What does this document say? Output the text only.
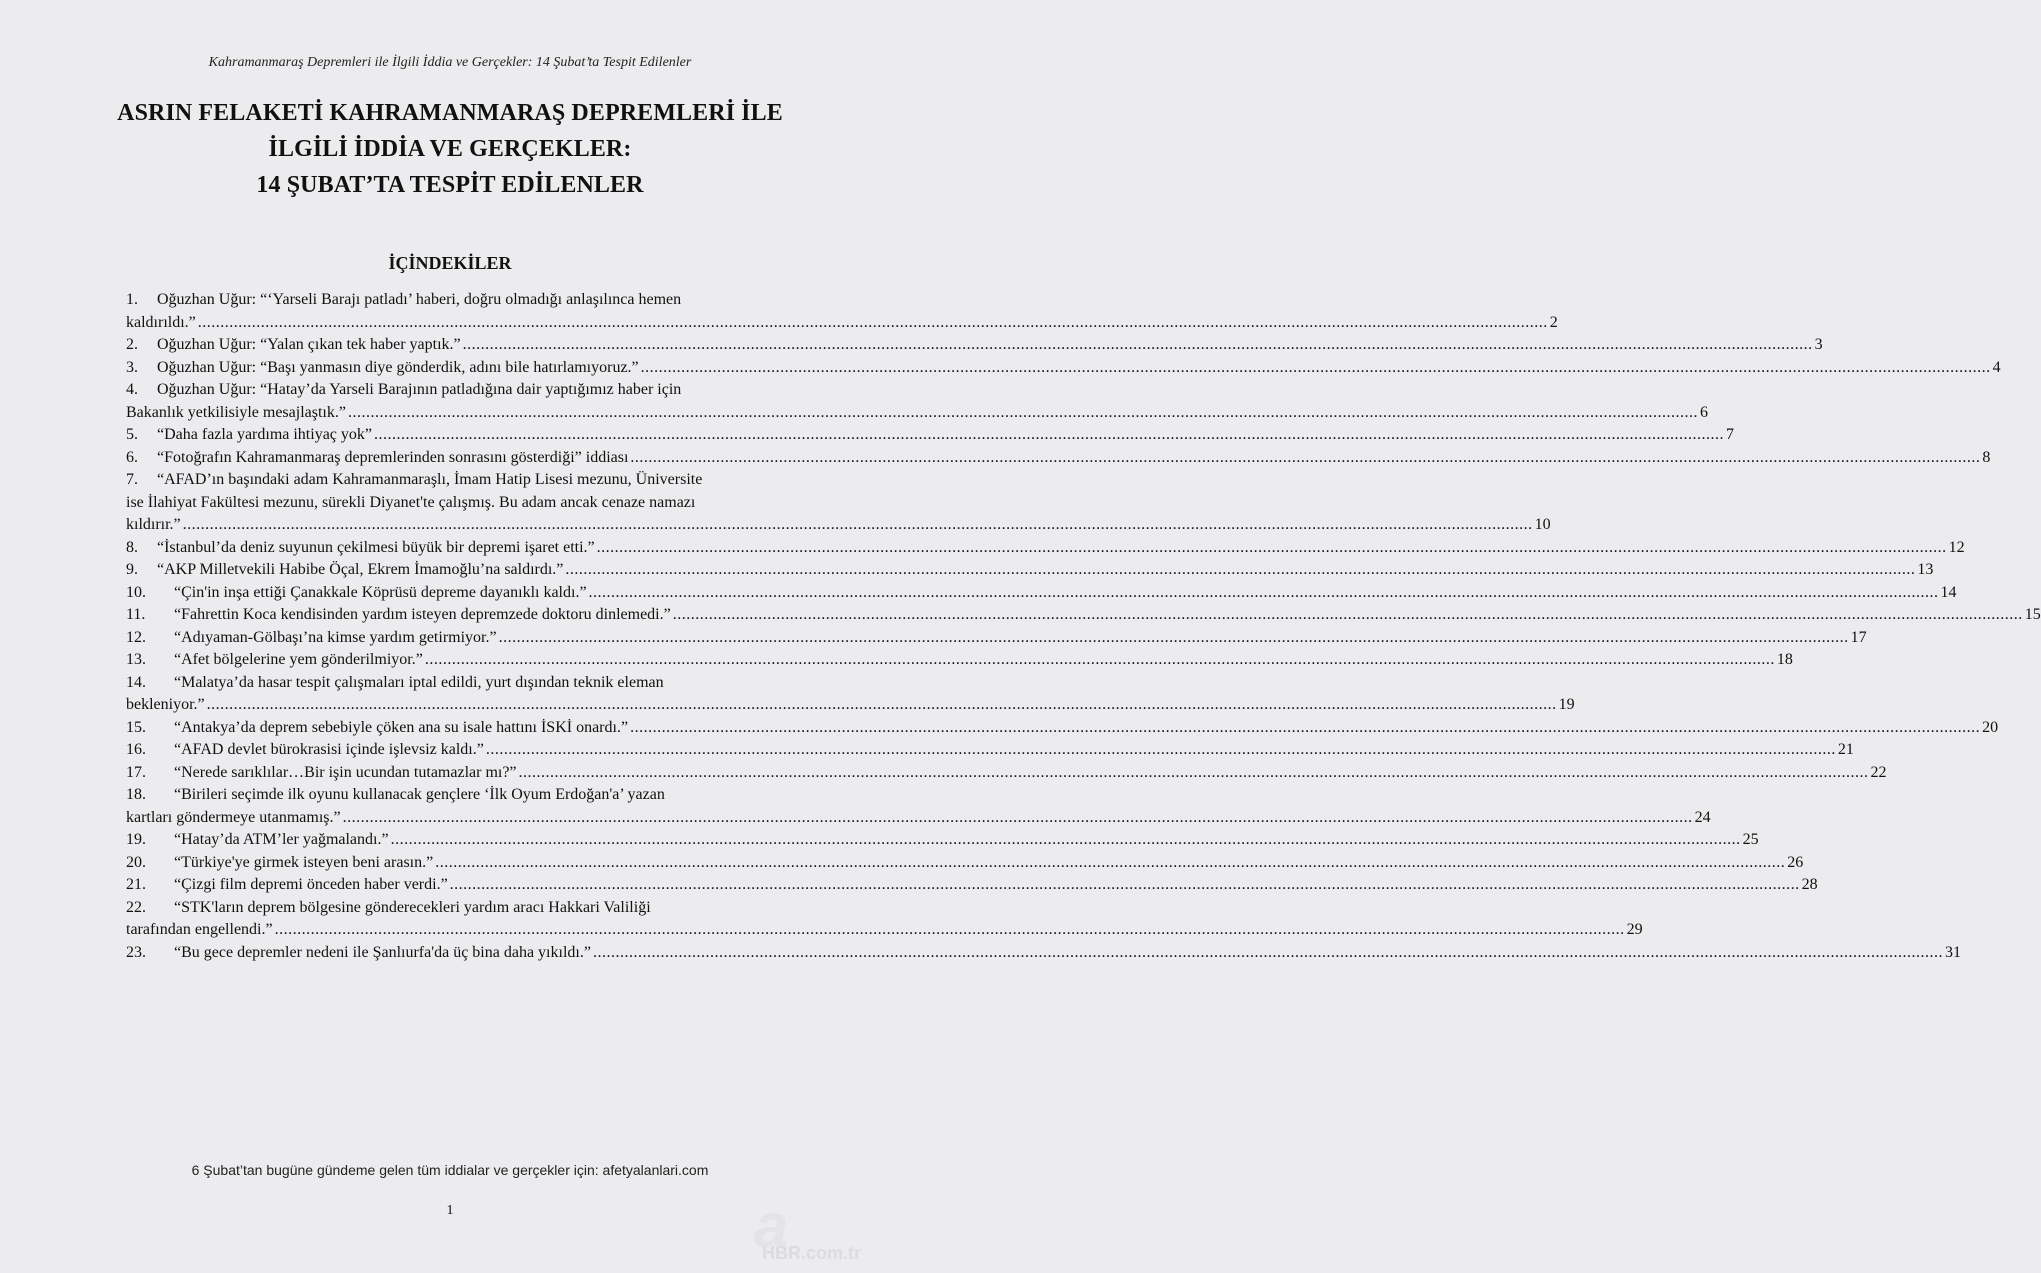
Kahramanmaraş Depremleri ile İlgili İddia ve Gerçekler: 14 Şubat’ta Tespit Edilenler
ASRIN FELAKETİ KAHRAMANMARAŞ DEPREMLERİ İLE
İLGİLİ İDDİA VE GERÇEKLER:
14 ŞUBAT’TA TESPİT EDİLENLER
İÇİNDEKİLER
1. Oğuzhan Uğur: “‘Yarseli Barajı patladı’ haberi, doğru olmadığı anlaşılınca hemen
kaldırıldı.” ............................................................................................................................................................................................................................................................................................................ 2
2. Oğuzhan Uğur: “Yalan çıkan tek haber yaptık.” ............................................................................................................................................................................................................................................................................................................ 3
3. Oğuzhan Uğur: “Başı yanmasın diye gönderdik, adını bile hatırlamıyoruz.” ............................................................................................................................................................................................................................................................................................................ 4
4. Oğuzhan Uğur: “Hatay’da Yarseli Barajının patladığına dair yaptığımız haber için
Bakanlık yetkilisiyle mesajlaştık.” ............................................................................................................................................................................................................................................................................................................ 6
5. “Daha fazla yardıma ihtiyaç yok” ............................................................................................................................................................................................................................................................................................................ 7
6. “Fotoğrafın Kahramanmaraş depremlerinden sonrasını gösterdiği” iddiası ............................................................................................................................................................................................................................................................................................................ 8
7. “AFAD’ın başındaki adam Kahramanmaraşlı, İmam Hatip Lisesi mezunu, Üniversite
ise İlahiyat Fakültesi mezunu, sürekli Diyanet'te çalışmış. Bu adam ancak cenaze namazı
kıldırır.” ............................................................................................................................................................................................................................................................................................................ 10
8. “İstanbul’da deniz suyunun çekilmesi büyük bir depremi işaret etti.” ............................................................................................................................................................................................................................................................................................................ 12
9. “AKP Milletvekili Habibe Öçal, Ekrem İmamoğlu’na saldırdı.” ............................................................................................................................................................................................................................................................................................................ 13
10. “Çin'in inşa ettiği Çanakkale Köprüsü depreme dayanıklı kaldı.” ............................................................................................................................................................................................................................................................................................................ 14
11. “Fahrettin Koca kendisinden yardım isteyen depremzede doktoru dinlemedi.” ............................................................................................................................................................................................................................................................................................................ 15
12. “Adıyaman-Gölbaşı’na kimse yardım getirmiyor.” ............................................................................................................................................................................................................................................................................................................ 17
13. “Afet bölgelerine yem gönderilmiyor.” ............................................................................................................................................................................................................................................................................................................ 18
14. “Malatya’da hasar tespit çalışmaları iptal edildi, yurt dışından teknik eleman
bekleniyor.” ............................................................................................................................................................................................................................................................................................................ 19
15. “Antakya’da deprem sebebiyle çöken ana su isale hattını İSKİ onardı.” ............................................................................................................................................................................................................................................................................................................ 20
16. “AFAD devlet bürokrasisi içinde işlevsiz kaldı.” ............................................................................................................................................................................................................................................................................................................ 21
17. “Nerede sarıklılar…Bir işin ucundan tutamazlar mı?” ............................................................................................................................................................................................................................................................................................................ 22
18. “Birileri seçimde ilk oyunu kullanacak gençlere ‘İlk Oyum Erdoğan'a’ yazan
kartları göndermeye utanmamış.” ............................................................................................................................................................................................................................................................................................................ 24
19. “Hatay’da ATM’ler yağmalandı.” ............................................................................................................................................................................................................................................................................................................ 25
20. “Türkiye'ye girmek isteyen beni arasın.” ............................................................................................................................................................................................................................................................................................................ 26
21. “Çizgi film depremi önceden haber verdi.” ............................................................................................................................................................................................................................................................................................................ 28
22. “STK'ların deprem bölgesine gönderecekleri yardım aracı Hakkari Valiliği
tarafından engellendi.” ............................................................................................................................................................................................................................................................................................................ 29
23. “Bu gece depremler nedeni ile Şanlıurfa'da üç bina daha yıkıldı.” ............................................................................................................................................................................................................................................................................................................ 31
6 Şubat’tan bugüne gündeme gelen tüm iddialar ve gerçekler için: afetyalanlari.com
1	a
HBR.com.tr
